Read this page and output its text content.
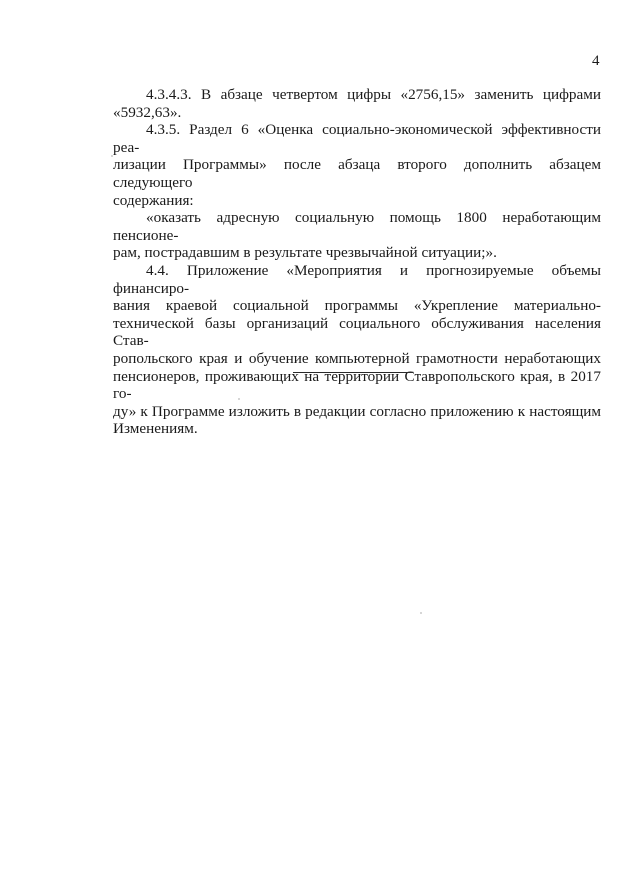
4
4.3.4.3. В абзаце четвертом цифры «2756,15» заменить цифрами
«5932,63».
4.3.5. Раздел 6 «Оценка социально-экономической эффективности реа-
лизации Программы» после абзаца второго дополнить абзацем следующего
содержания:
«оказать адресную социальную помощь 1800 неработающим пенсионе-
рам, пострадавшим в результате чрезвычайной ситуации;».
4.4. Приложение «Мероприятия и прогнозируемые объемы финансиро-
вания краевой социальной программы «Укрепление материально-
технической базы организаций социального обслуживания населения Став-
ропольского края и обучение компьютерной грамотности неработающих
пенсионеров, проживающих на территории Ставропольского края, в 2017 го-
ду» к Программе изложить в редакции согласно приложению к настоящим
Изменениям.
